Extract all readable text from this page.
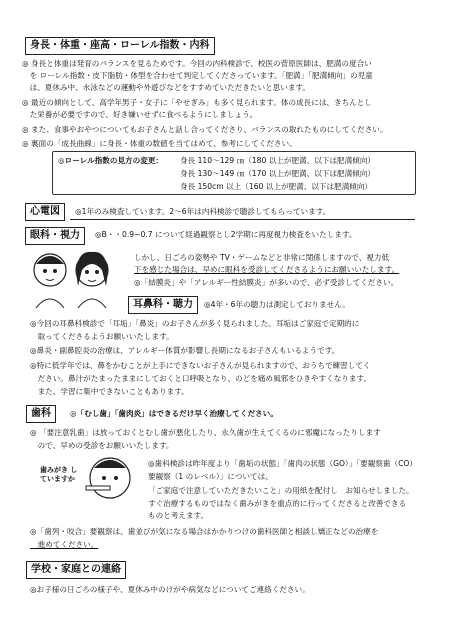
身長・体重・座高・ローレル指数・内科
◎ 身長と体重は発育のバランスを見るためです。今回の内科検診で、校医の菅原医師は、肥満の度合い
　を ローレル指数・皮下脂肪・体型を合わせて判定してくださっています。「肥満」「肥満傾向」の児童
　は、夏休み中、水泳などの運動や外遊びなどをすすめていただきたいと思います。
◎ 最近の傾向として、高学年男子・女子に「やせぎみ」も多く見られます。体の成長には、きちんとし
　た栄養が必要ですので、好き嫌いせずに食べるようにしましょう。
◎ また、食事やおやつについてもお子さんと話し合ってくださり、バランスの取れたものにしてください。
◎ 裏面の「成長曲線」に身長・体重の数値を当てはめて、参考にしてください。
◎ローレル指数の見方の変更： 身長 110～129 ㎝（180 以上が肥満、以下は肥満傾向）
身長 130～149 ㎝（170 以上が肥満、以下は肥満傾向）
身長 150cm 以上（160 以上が肥満、以下は肥満傾向）
心電図	◎1年のみ検査しています。2～6年は内科検診で聴診してもらっています。
眼科・視力	◎B・・0.9~0.7 について経過観察とし2学期に再度視力検査をいたします。
しかし、日ごろの姿勢や TV・ゲームなどと非常に関係しますので、視力低
下を感じた場合は、早めに眼科を受診してくださるようにお願いいたします。
◎「結膜炎」や「アレルギー性結膜炎」が多いので、必ず受診してください。
耳鼻科・聴力	◎4年・6年の聴力は測定しておりません。
◎今回の耳鼻科検診で「耳垢」「鼻炎」のお子さんが多く見られました。耳垢はご家庭で定期的に
　取ってくださるようお願いいたします。
◎鼻炎・副鼻腔炎の治療は、アレルギー体質が影響し長期になるお子さんもいるようです。
◎特に低学年では、鼻をかむことが上手にできないお子さんが見られますので、おうちで練習してく
　ださい。鼻汁がたまったままにしておくと口呼吸となり、のどを痛め風邪をひきやすくなります。
　また、学習に集中できないこともあります。
歯科	◎「むし歯」「歯肉炎」はできるだけ早く治療してください。
◎ 「要注意乳歯」は放っておくとむし歯が悪化したり、永久歯が生えてくるのに邪魔になったりします
　ので、早めの受診をお願いいたします。
歯みがき していますか
◎歯科検診は昨年度より「歯垢の状態」「歯肉の状態（GO）」「要観察歯（CO）
要観察（1 のレベル）」については、
「ご家庭で注意していただきたいこと」の用紙を配付し　お知らせしました。
すぐ治療するものではなく歯みがきを重点的に行ってくださると改善できる
ものと考えます。
◎「歯列・咬合」要観察は、歯並びが気になる場合はかかりつけの歯科医師と相談し矯正などの治療を
　進めてください。
学校・家庭との連絡
◎お子様の日ごろの様子や、夏休み中のけがや病気などについてご連絡ください。
